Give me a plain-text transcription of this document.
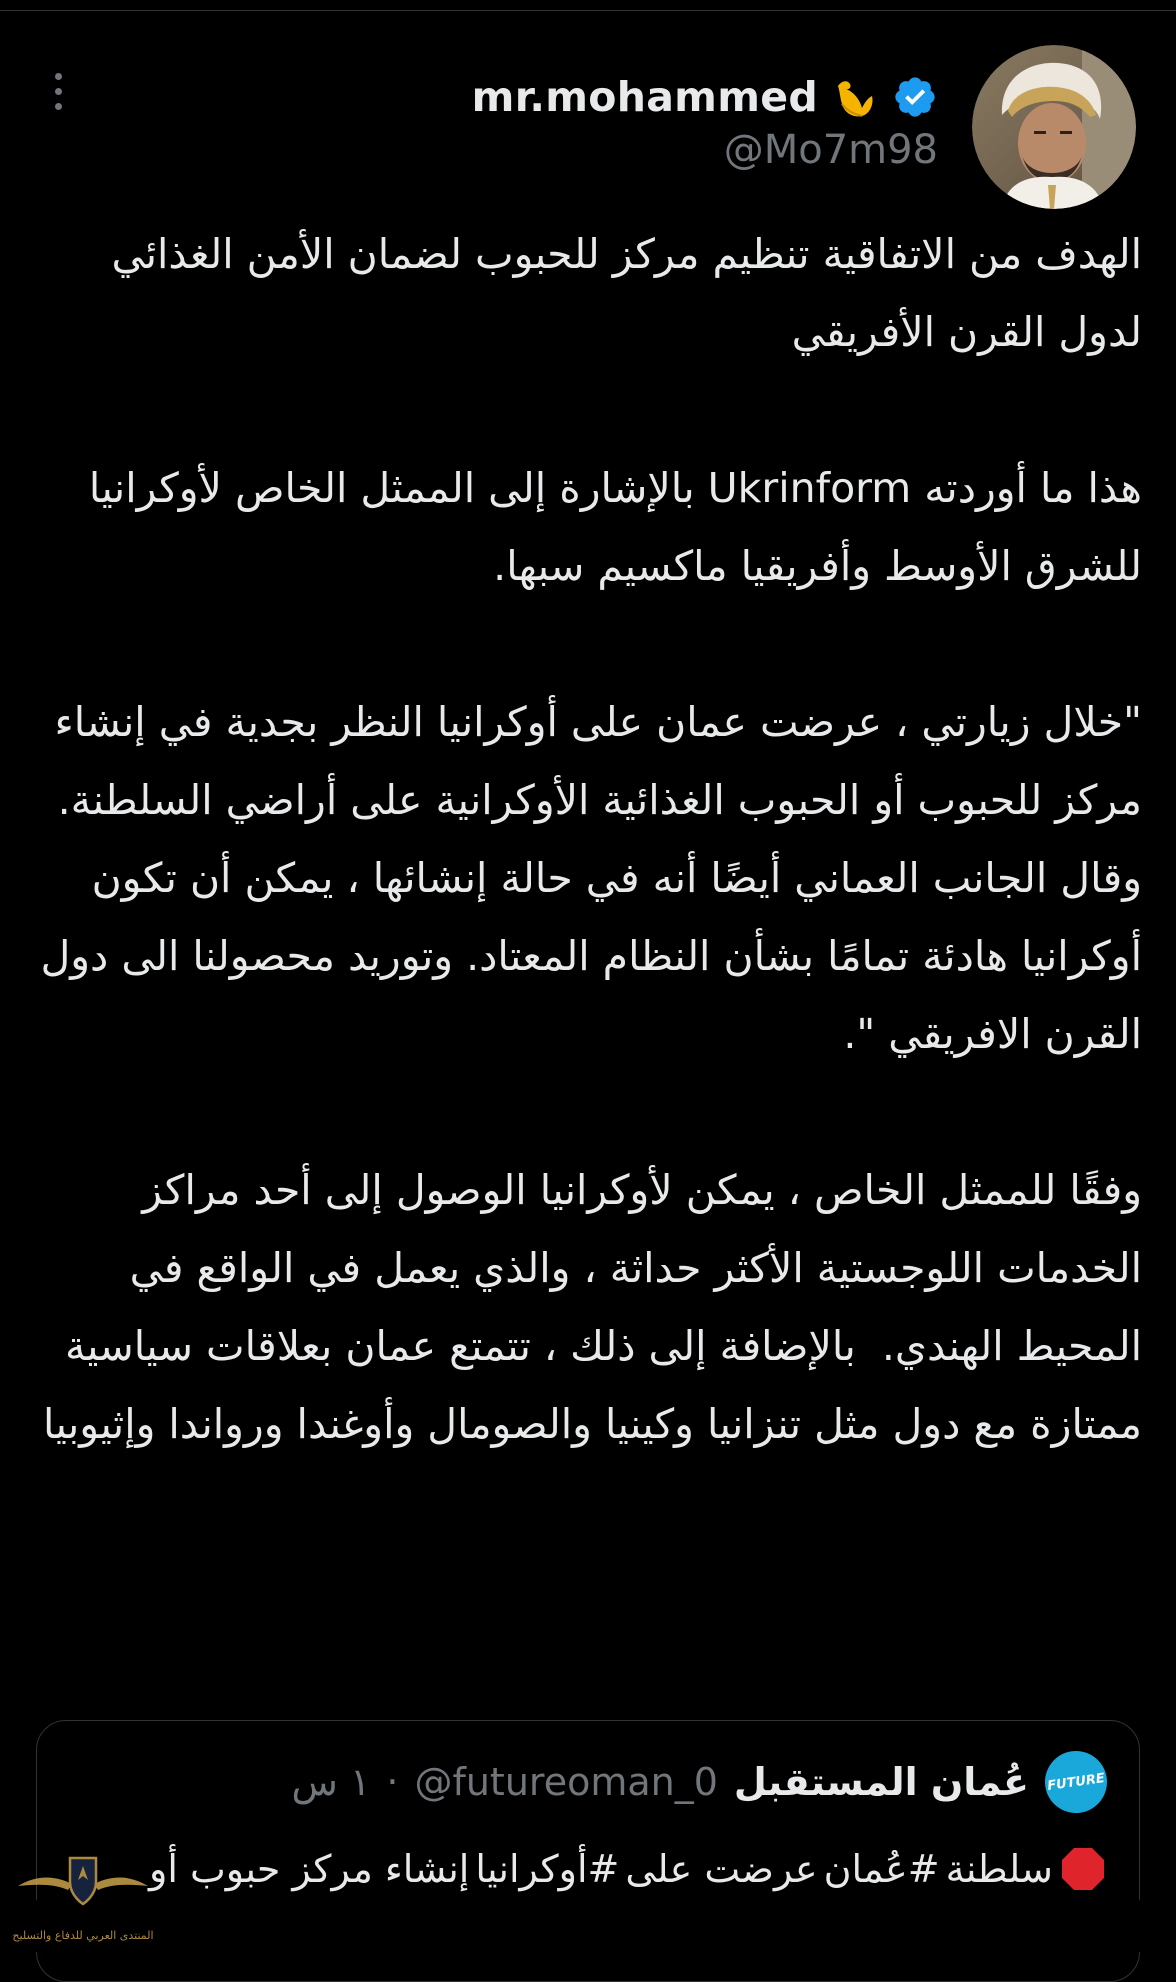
mr.mohammed
@Mo7m98

الهدف من الاتفاقية تنظيم مركز للحبوب لضمان الأمن الغذائي لدول القرن الأفريقي

هذا ما أوردته Ukrinform بالإشارة إلى الممثل الخاص لأوكرانيا للشرق الأوسط وأفريقيا ماكسيم سبها.

"خلال زيارتي ، عرضت عمان على أوكرانيا النظر بجدية في إنشاء مركز للحبوب أو الحبوب الغذائية الأوكرانية على أراضي السلطنة. وقال الجانب العماني أيضًا أنه في حالة إنشائها ، يمكن أن تكون أوكرانيا هادئة تمامًا بشأن النظام المعتاد. وتوريد محصولنا الى دول القرن الافريقي ".

وفقًا للممثل الخاص ، يمكن لأوكرانيا الوصول إلى أحد مراكز الخدمات اللوجستية الأكثر حداثة ، والذي يعمل في الواقع في المحيط الهندي.  بالإضافة إلى ذلك ، تتمتع عمان بعلاقات سياسية ممتازة مع دول مثل تنزانيا وكينيا والصومال وأوغندا ورواندا وإثيوبيا

FUTURE
عُمان المستقبل
@futureoman_0
·
١ س
سلطنة
#عُمان
عرضت على
#أوكرانيا
إنشاء مركز حبوب أو
المنتدى العربي للدفاع والتسليح
